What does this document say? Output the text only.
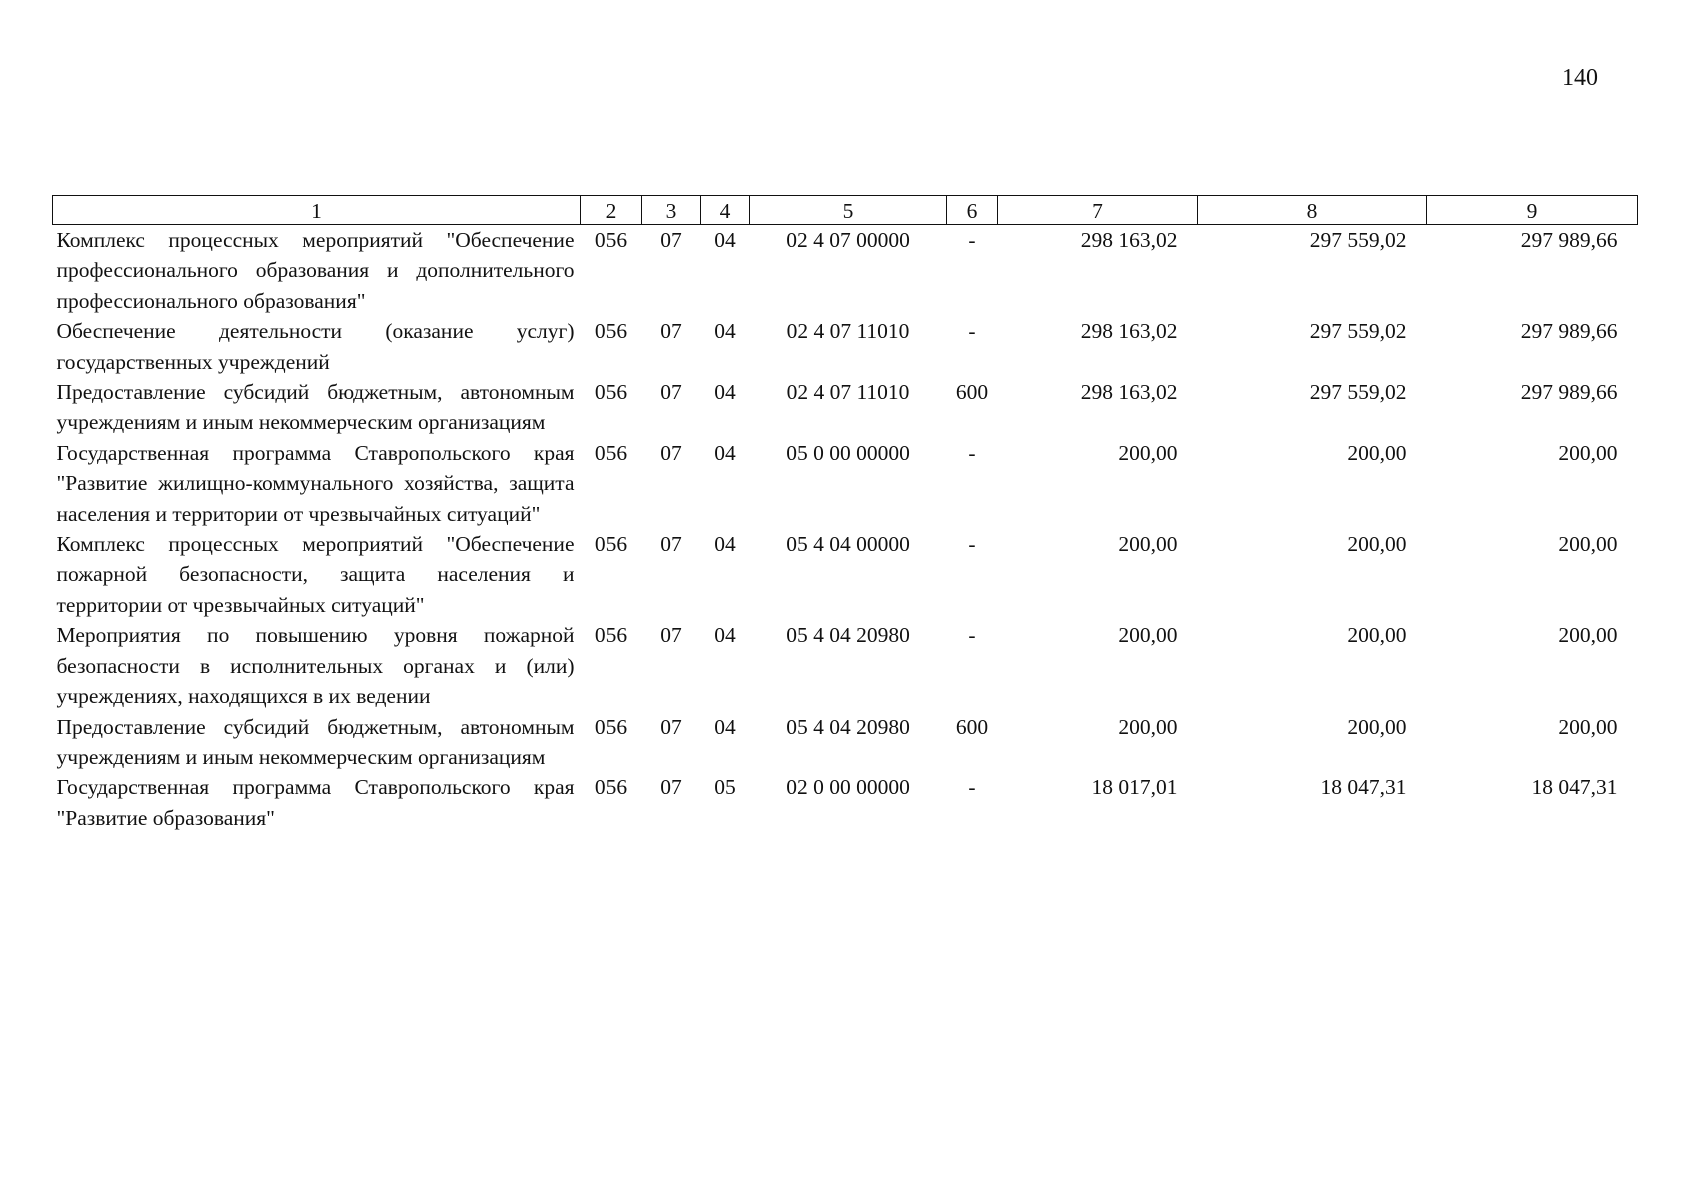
140
1	2	3	4	5	6	7	8	9
Комплекс процессных мероприятий "Обеспечение профессионального образования и дополнительного профессионального образования"	056	07	04	02 4 07 00000	-	298 163,02	297 559,02	297 989,66
Обеспечение деятельности (оказание услуг) государственных учреждений	056	07	04	02 4 07 11010	-	298 163,02	297 559,02	297 989,66
Предоставление субсидий бюджетным, автономным учреждениям и иным некоммерческим организациям	056	07	04	02 4 07 11010	600	298 163,02	297 559,02	297 989,66
Государственная программа Ставропольского края "Развитие жилищно-коммунального хозяйства, защита населения и территории от чрезвычайных ситуаций"	056	07	04	05 0 00 00000	-	200,00	200,00	200,00
Комплекс процессных мероприятий "Обеспечение пожарной безопасности, защита населения и территории от чрезвычайных ситуаций"	056	07	04	05 4 04 00000	-	200,00	200,00	200,00
Мероприятия по повышению уровня пожарной безопасности в исполнительных органах и (или) учреждениях, находящихся в их ведении	056	07	04	05 4 04 20980	-	200,00	200,00	200,00
Предоставление субсидий бюджетным, автономным учреждениям и иным некоммерческим организациям	056	07	04	05 4 04 20980	600	200,00	200,00	200,00
Государственная программа Ставропольского края "Развитие образования"	056	07	05	02 0 00 00000	-	18 017,01	18 047,31	18 047,31
